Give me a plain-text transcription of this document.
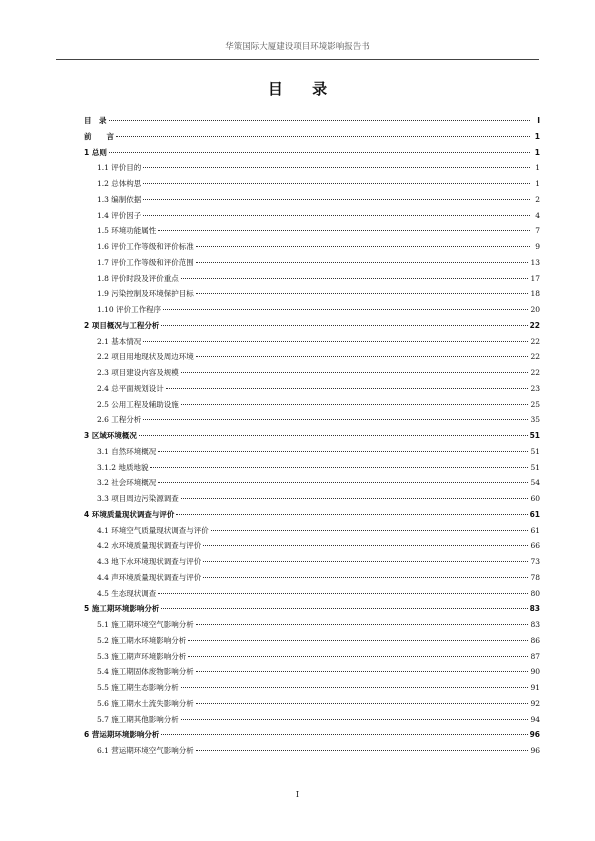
华策国际大厦建设项目环境影响报告书
目 录
目　录	I
前　　言	1
1 总则	1
1.1 评价目的	1
1.2 总体构思	1
1.3 编制依据	2
1.4 评价因子	4
1.5 环境功能属性	7
1.6 评价工作等级和评价标准	9
1.7 评价工作等级和评价范围	13
1.8 评价时段及评价重点	17
1.9 污染控制及环境保护目标	18
1.10 评价工作程序	20
2 项目概况与工程分析	22
2.1 基本情况	22
2.2 项目用地现状及周边环境	22
2.3 项目建设内容及规模	22
2.4 总平面规划设计	23
2.5 公用工程及辅助设施	25
2.6 工程分析	35
3 区域环境概况	51
3.1 自然环境概况	51
3.1.2 地质地貌	51
3.2 社会环境概况	54
3.3 项目周边污染源调查	60
4 环境质量现状调查与评价	61
4.1 环境空气质量现状调查与评价	61
4.2 水环境质量现状调查与评价	66
4.3 地下水环境现状调查与评价	73
4.4 声环境质量现状调查与评价	78
4.5 生态现状调查	80
5 施工期环境影响分析	83
5.1 施工期环境空气影响分析	83
5.2 施工期水环境影响分析	86
5.3 施工期声环境影响分析	87
5.4 施工期固体废物影响分析	90
5.5 施工期生态影响分析	91
5.6 施工期水土流失影响分析	92
5.7 施工期其他影响分析	94
6 营运期环境影响分析	96
6.1 营运期环境空气影响分析	96
I
